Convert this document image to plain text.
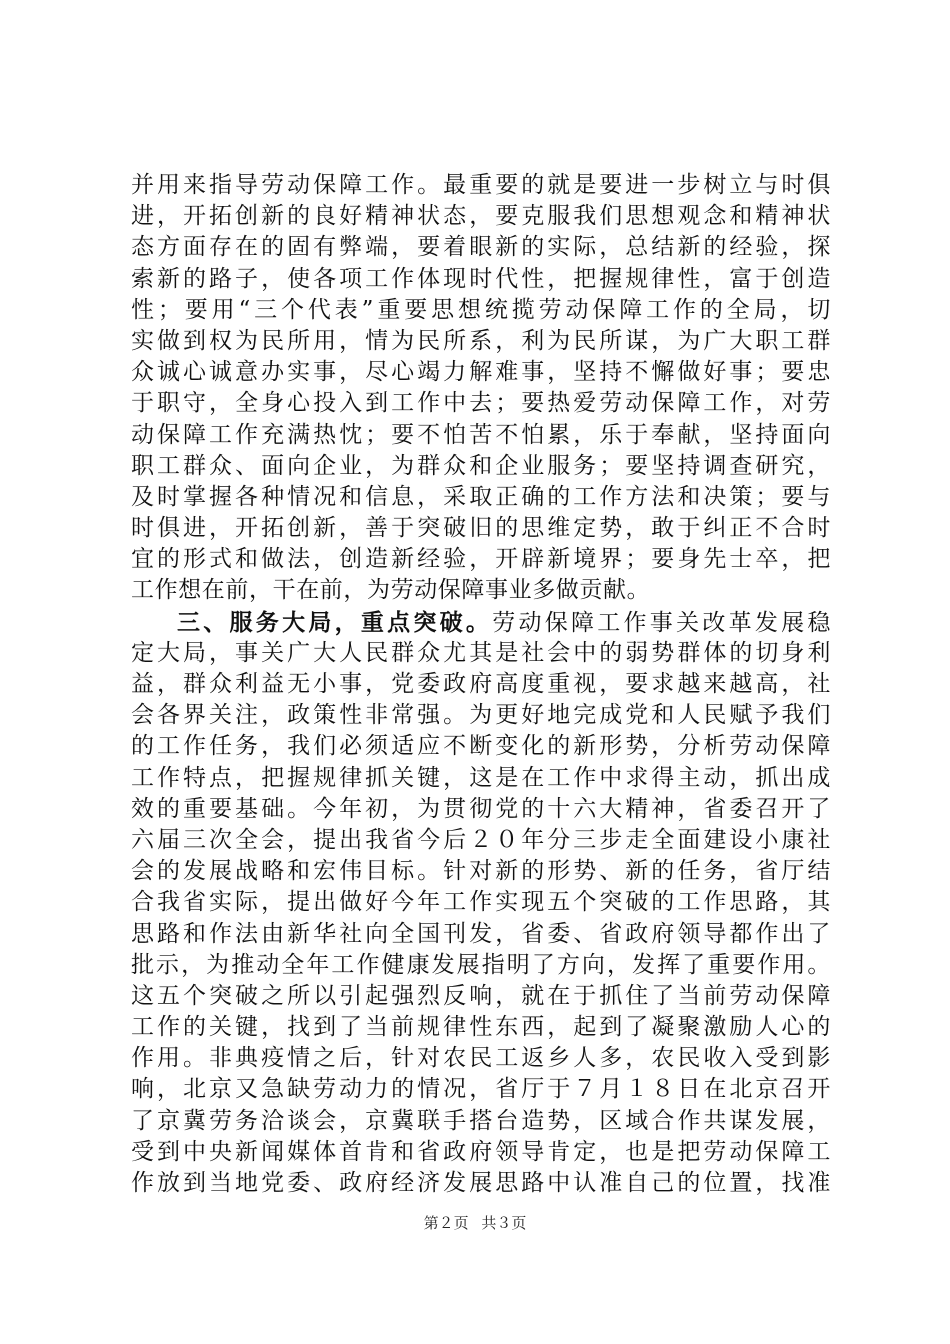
并用来指导劳动保障工作。最重要的就是要进一步树立与时俱
进，开拓创新的良好精神状态，要克服我们思想观念和精神状
态方面存在的固有弊端，要着眼新的实际，总结新的经验，探
索新的路子，使各项工作体现时代性，把握规律性，富于创造
性；要用“三个代表”重要思想统揽劳动保障工作的全局，切
实做到权为民所用，情为民所系，利为民所谋，为广大职工群
众诚心诚意办实事，尽心竭力解难事，坚持不懈做好事；要忠
于职守，全身心投入到工作中去；要热爱劳动保障工作，对劳
动保障工作充满热忱；要不怕苦不怕累，乐于奉献，坚持面向
职工群众、面向企业，为群众和企业服务；要坚持调查研究，
及时掌握各种情况和信息，采取正确的工作方法和决策；要与
时俱进，开拓创新，善于突破旧的思维定势，敢于纠正不合时
宜的形式和做法，创造新经验，开辟新境界；要身先士卒，把
工作想在前，干在前，为劳动保障事业多做贡献。
三、服务大局，重点突破。劳动保障工作事关改革发展稳
定大局，事关广大人民群众尤其是社会中的弱势群体的切身利
益，群众利益无小事，党委政府高度重视，要求越来越高，社
会各界关注，政策性非常强。为更好地完成党和人民赋予我们
的工作任务，我们必须适应不断变化的新形势，分析劳动保障
工作特点，把握规律抓关键，这是在工作中求得主动，抓出成
效的重要基础。今年初，为贯彻党的十六大精神，省委召开了
六届三次全会，提出我省今后２０年分三步走全面建设小康社
会的发展战略和宏伟目标。针对新的形势、新的任务，省厅结
合我省实际，提出做好今年工作实现五个突破的工作思路，其
思路和作法由新华社向全国刊发，省委、省政府领导都作出了
批示，为推动全年工作健康发展指明了方向，发挥了重要作用。
这五个突破之所以引起强烈反响，就在于抓住了当前劳动保障
工作的关键，找到了当前规律性东西，起到了凝聚激励人心的
作用。非典疫情之后，针对农民工返乡人多，农民收入受到影
响，北京又急缺劳动力的情况，省厅于７月１８日在北京召开
了京冀劳务洽谈会，京冀联手搭台造势，区域合作共谋发展，
受到中央新闻媒体首肯和省政府领导肯定，也是把劳动保障工
作放到当地党委、政府经济发展思路中认准自己的位置，找准
第２页 共３页
